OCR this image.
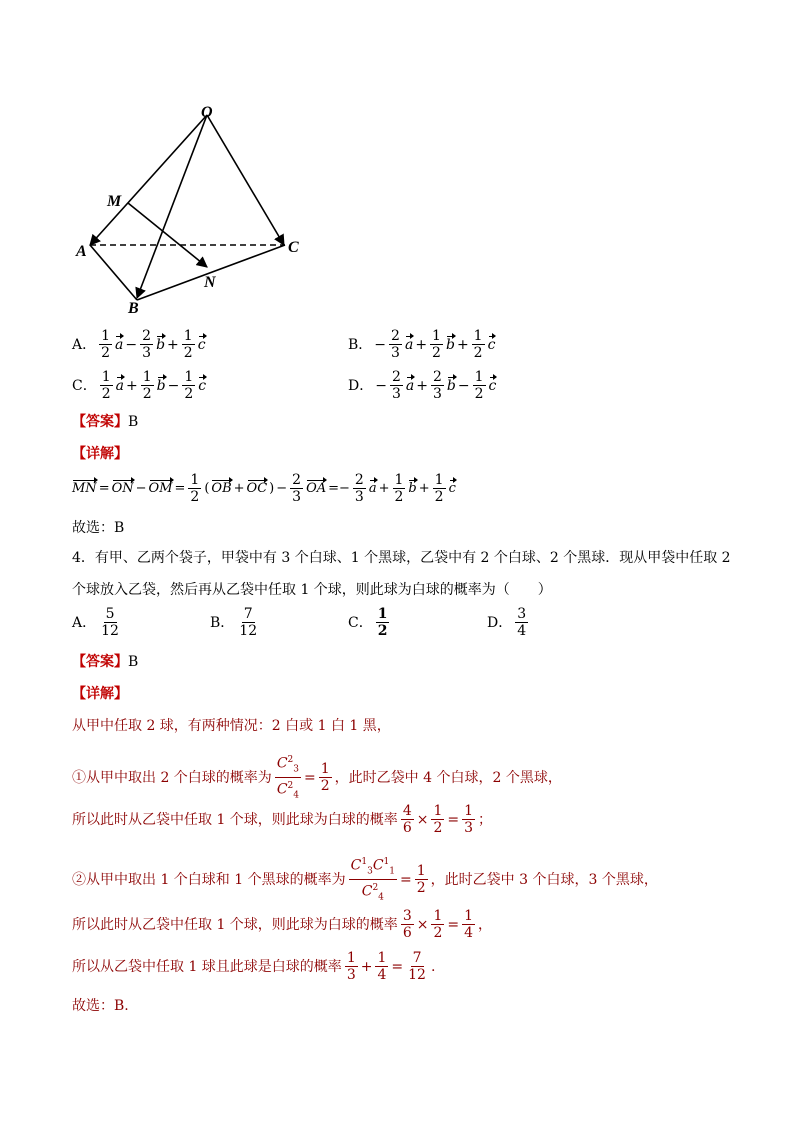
O
M
A	C
N
B
A． $\frac{1}{2}$ $a - \frac{2}{3}$ $b + \frac{1}{2}$ c	B． − $\frac{2}{3}$ $a + \frac{1}{2}$ $b + \frac{1}{2}$ c
C． $\frac{1}{2}$ $a + \frac{1}{2}$ $b - \frac{1}{2}$ c	D． − $\frac{2}{3}$ $a + \frac{2}{3}$ $b - \frac{1}{2}$ c
【答案】B
【详解】
MN = ON − OM = $\frac{1}{2}$ ( OB + OC ) − $\frac{2}{3}$ OA =− $\frac{2}{3}$ $a + \frac{1}{2}$ $b + \frac{1}{2}$ c
故选：B
4．有甲、乙两个袋子，甲袋中有 3 个白球、1 个黑球，乙袋中有 2 个白球、2 个黑球．现从甲袋中任取 2
个球放入乙袋，然后再从乙袋中任取 1 个球，则此球为白球的概率为（　　）
A． $\frac{5}{12}$	B． $\frac{7}{12}$	C． $\frac{1}{2}$	D． $\frac{3}{4}$
【答案】B
【详解】
从甲中任取 2 球，有两种情况：2 白或 1 白 1 黑，
①从甲中取出 2 个白球的概率为 $\frac{C^2_3}{C^2_4} = \frac{1}{2}$ ，此时乙袋中 4 个白球，2 个黑球，
所以此时从乙袋中任取 1 个球，则此球为白球的概率 $\frac{4}{6} \times \frac{1}{2} = \frac{1}{3}$ ；
②从甲中取出 1 个白球和 1 个黑球的概率为 $\frac{C^1_3C^1_1}{C^2_4} = \frac{1}{2}$ ，此时乙袋中 3 个白球，3 个黑球，
所以此时从乙袋中任取 1 个球，则此球为白球的概率 $\frac{3}{6} \times \frac{1}{2} = \frac{1}{4}$ ，
所以从乙袋中任取 1 球且此球是白球的概率 $\frac{1}{3} + \frac{1}{4} = \frac{7}{12}$ .
故选：B.
